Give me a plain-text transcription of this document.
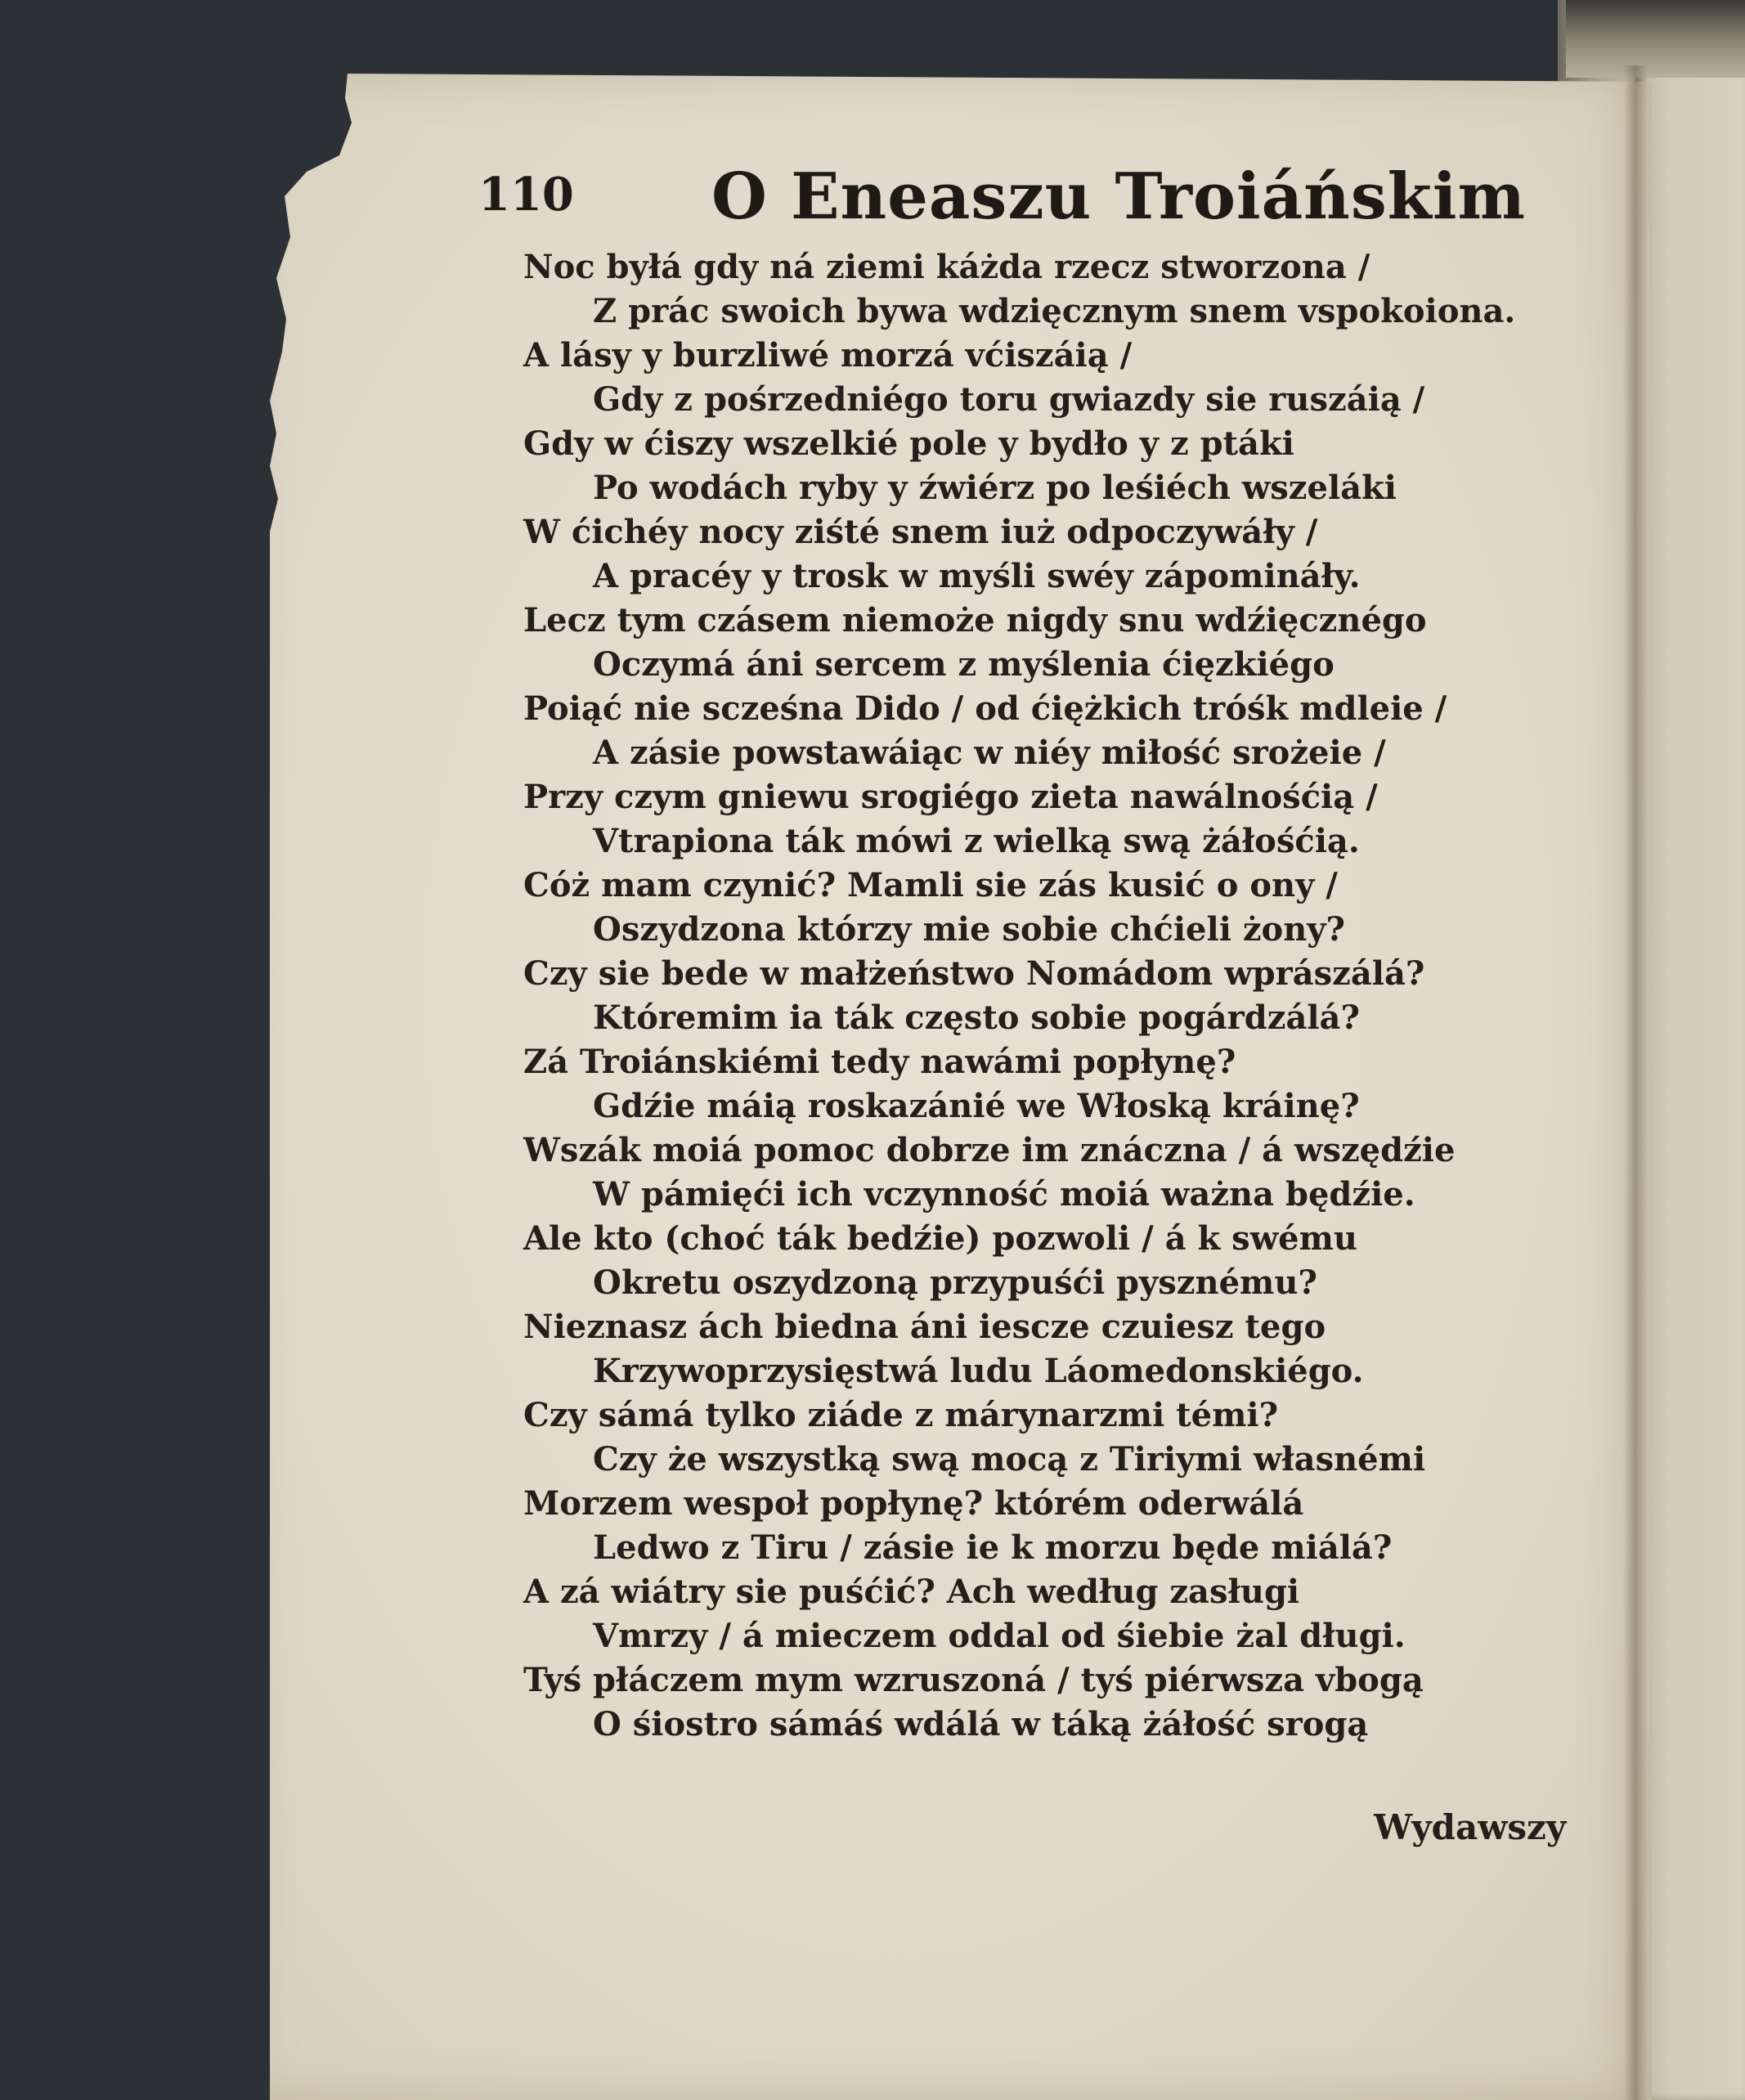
110 O Eneaszu Troiáńskim
Noc byłá gdy ná ziemi káżda rzecz stworzona /
Z prác swoich bywa wdzięcznym snem vspokoiona.
A lásy y burzliwé morzá vćiszáią /
Gdy z pośrzedniégo toru gwiazdy sie ruszáią /
Gdy w ćiszy wszelkié pole y bydło y z ptáki
Po wodách ryby y źwiérz po leśiéch wszeláki
W ćichéy nocy ziśté snem iuż odpoczywáły /
A pracéy y trosk w myśli swéy zápomináły.
Lecz tym czásem niemoże nigdy snu wdźięcznégo
Oczymá áni sercem z myślenia ćięzkiégo
Poiąć nie scześna Dido / od ćiężkich tróśk mdleie /
A zásie powstawáiąc w niéy miłość srożeie /
Przy czym gniewu srogiégo zieta nawálnośćią /
Vtrapiona ták mówi z wielką swą żáłośćią.
Cóż mam czynić? Mamli sie zás kusić o ony /
Oszydzona którzy mie sobie chćieli żony?
Czy sie bede w małżeństwo Nomádom wprászálá?
Któremim ia ták często sobie pogárdzálá?
Zá Troiánskiémi tedy nawámi popłynę?
Gdźie máią roskazánié we Włoską kráinę?
Wszák moiá pomoc dobrze im znáczna / á wszędźie
W pámięći ich vczynność moiá ważna będźie.
Ale kto (choć ták bedźie) pozwoli / á k swému
Okretu oszydzoną przypuśći pysznému?
Nieznasz ách biedna áni iescze czuiesz tego
Krzywoprzysięstwá ludu Láomedonskiégo.
Czy sámá tylko ziáde z márynarzmi témi?
Czy że wszystką swą mocą z Tiriymi własnémi
Morzem wespoł popłynę? którém oderwálá
Ledwo z Tiru / zásie ie k morzu będe miálá?
A zá wiátry sie puśćić? Ach według zasługi
Vmrzy / á mieczem oddal od śiebie żal długi.
Tyś płáczem mym wzruszoná / tyś piérwsza vbogą
O śiostro sámáś wdálá w táką żáłość srogą
Wydawszy
